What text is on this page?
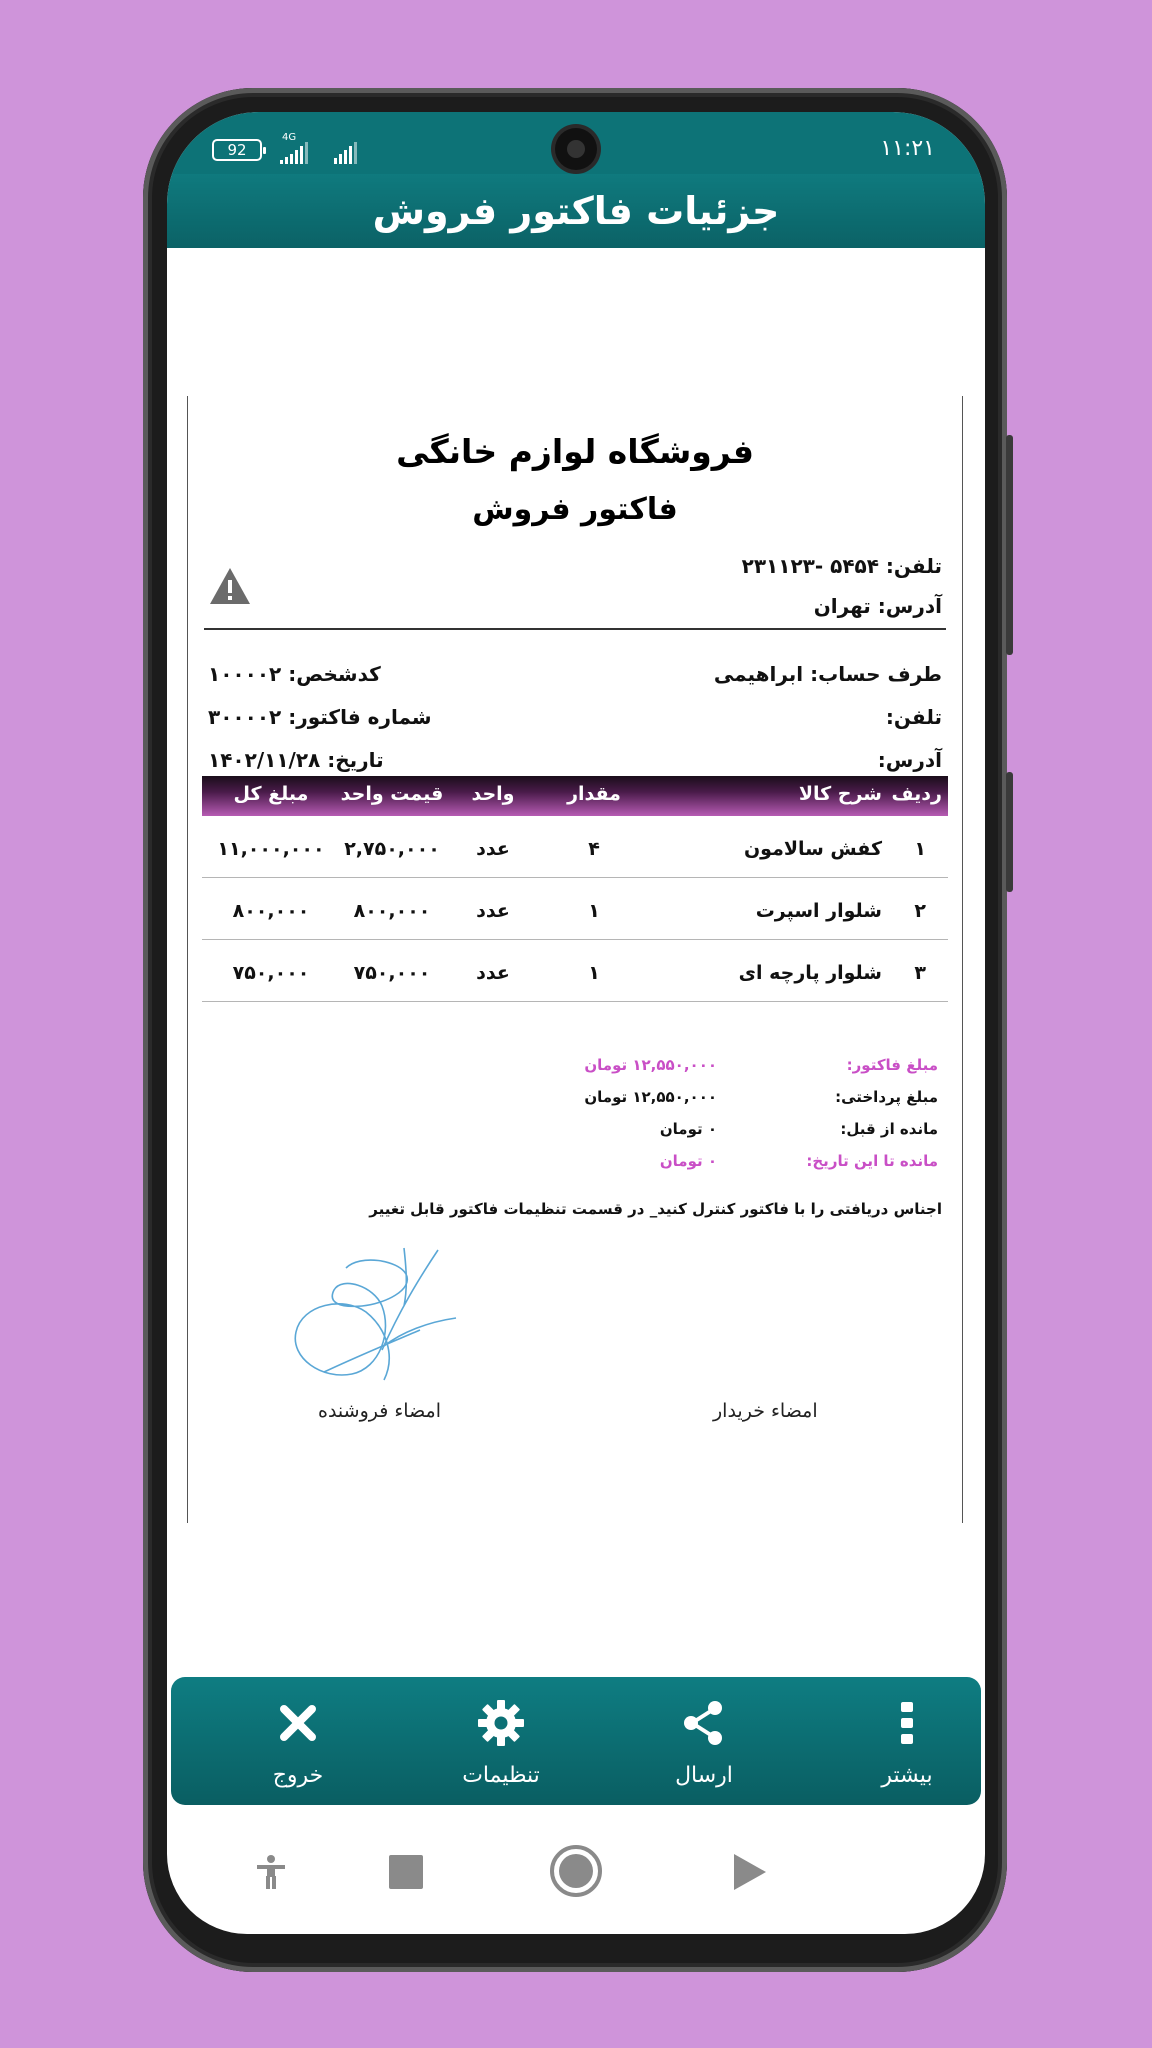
92
4G	۱۱:۲۱
جزئیات فاکتور فروش
فروشگاه لوازم خانگی
فاکتور فروش
تلفن: ۵۴۵۴ -۲۳۱۱۲۳
آدرس: تهران
طرف حساب: ابراهیمی
تلفن:
آدرس:
کدشخص: ۱۰۰۰۰۲
شماره فاکتور: ۳۰۰۰۰۲
تاریخ: ۱۴۰۲/۱۱/۲۸
ردیف
شرح کالا
مقدار
واحد
قیمت واحد
مبلغ کل
۱
کفش سالامون
۴
عدد
۲,۷۵۰,۰۰۰
۱۱,۰۰۰,۰۰۰
۲
شلوار اسپرت
۱
عدد
۸۰۰,۰۰۰
۸۰۰,۰۰۰
۳
شلوار پارچه ای
۱
عدد
۷۵۰,۰۰۰
۷۵۰,۰۰۰
مبلغ فاکتور:
۱۲,۵۵۰,۰۰۰ تومان
مبلغ پرداختی:
۱۲,۵۵۰,۰۰۰ تومان
مانده از قبل:
۰ تومان
مانده تا این تاریخ:
۰ تومان
اجناس دریافتی را با فاکتور کنترل کنید_ در قسمت تنظیمات فاکتور قابل تغییر
امضاء فروشنده	امضاء خریدار
بیشتر
ارسال
تنظیمات
خروج
